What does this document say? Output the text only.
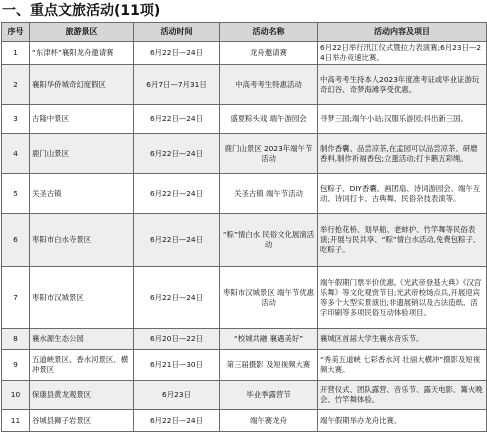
一、重点文旅活动(11项)
序号	旅游景区	活动时间	活动名称	活动内容及项目
1	“东津杯”襄阳龙舟邀请赛	6月22日—24日	龙舟邀请赛	6月22日举行汛江仪式暨拉力表演赛;6月23日—24日举办竞速比赛。
2	襄阳华侨城奇幻度假区	6月7日—7月31日	中高考考生特惠活动	中高考考生持本人2023年度准考证或毕业证游玩奇幻谷、奇梦海滩享受优惠。
3	古隆中景区	6月22日—24日	盛夏粽头戏 端午游园会	寻梦三国;端午小站;汉服乐游园;抖出新三国。
4	鹿门山景区	6月22日—24日	鹿门山景区 2023年端午节活动	制作香囊、品尝凉茶,在孟园可以品尝凉茶、研磨香料,制作祈福香包;立蛋活动;打卡鹅五彩绳。
5	关圣古镇	6月22日—24日	关圣古镇 端午节活动	包粽子、DIY香囊、画团扇、诗词游园会、端午互动、诗词打卡、古典舞、民俗杂技表演等。
6	枣阳市白水寺景区	6月22日—24日	“粽”情白水 民俗文化展演活动	举行抢花桥、划旱船、老蚌护、竹竿舞等民俗表演;开展与民共享、“粽”情白水活动,免费包粽子、吃粽子。
7	枣阳市汉城景区	6月22日—24日	枣阳市汉城景区 端午节优惠活动	端午假期门票半价优惠,《光武帝登基大典》《汉宫乐舞》等文化观赏节目;光武帝校场点兵,开展迎宾等多个大型实景演出;非遗展销以及古法造纸、活字印刷等多项民俗互动体验项目。
8	襄水源生态公园	6月20日—22日	“校城共融 襄遇美好”	襄城区首届大学生襄水音乐节。
9	五道峡景区、香水河景区、横冲景区	6月21日—30日	第三届摄影 及短视频大赛	“秀美五道峡 七彩香水河 壮丽大横冲”摄影及短视频大赛。
10	保康县黄龙观景区	6月23日	毕业季露营节	开营仪式、团队露营、音乐节、露天电影、篝火晚会、竹竿舞体验。
11	谷城县狮子岩景区	6月22日—24日	端午赛龙舟	端午假期举办龙舟比赛。
